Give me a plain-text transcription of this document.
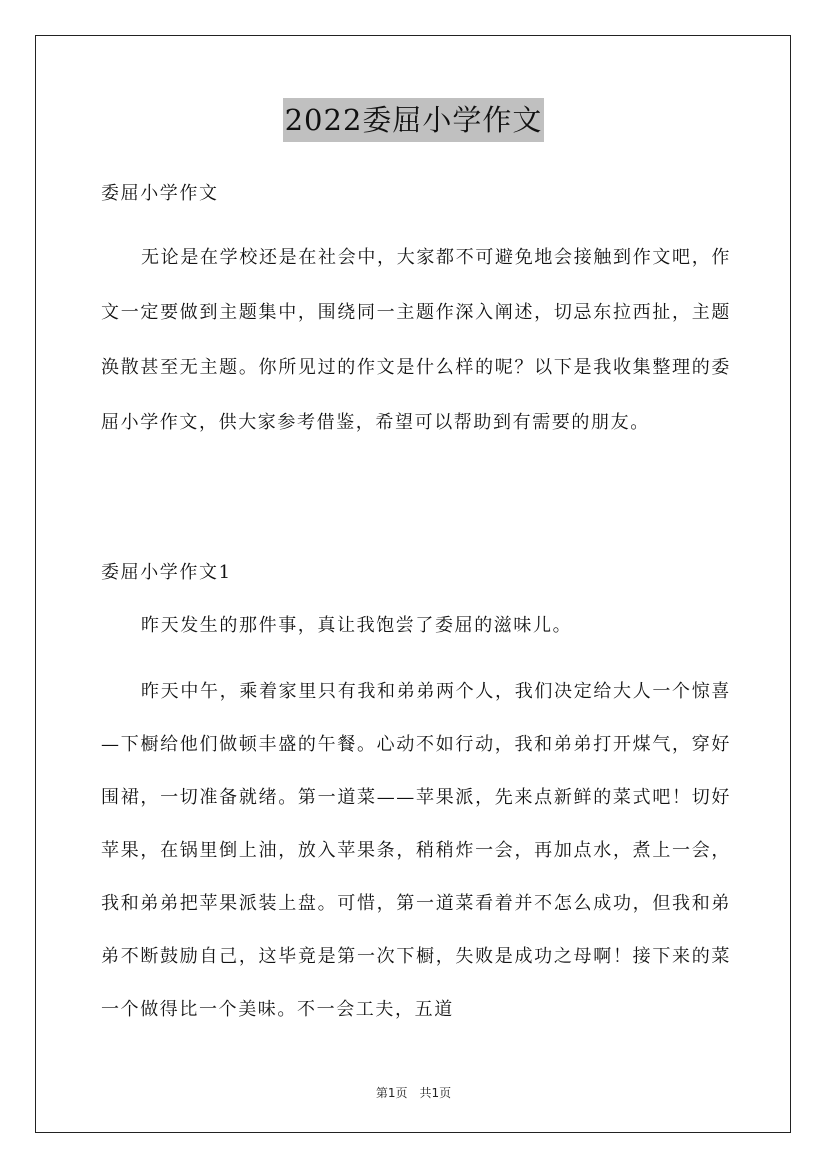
2022委屈小学作文
委屈小学作文
无论是在学校还是在社会中，大家都不可避免地会接触到作文吧，作文一定要做到主题集中，围绕同一主题作深入阐述，切忌东拉西扯，主题涣散甚至无主题。你所见过的作文是什么样的呢？以下是我收集整理的委屈小学作文，供大家参考借鉴，希望可以帮助到有需要的朋友。
委屈小学作文1
昨天发生的那件事，真让我饱尝了委屈的滋味儿。
昨天中午，乘着家里只有我和弟弟两个人，我们决定给大人一个惊喜—下橱给他们做顿丰盛的午餐。心动不如行动，我和弟弟打开煤气，穿好围裙，一切准备就绪。第一道菜——苹果派，先来点新鲜的菜式吧！切好苹果，在锅里倒上油，放入苹果条，稍稍炸一会，再加点水，煮上一会，我和弟弟把苹果派装上盘。可惜，第一道菜看着并不怎么成功，但我和弟弟不断鼓励自己，这毕竟是第一次下橱，失败是成功之母啊！接下来的菜一个做得比一个美味。不一会工夫，五道
第1页　共1页
